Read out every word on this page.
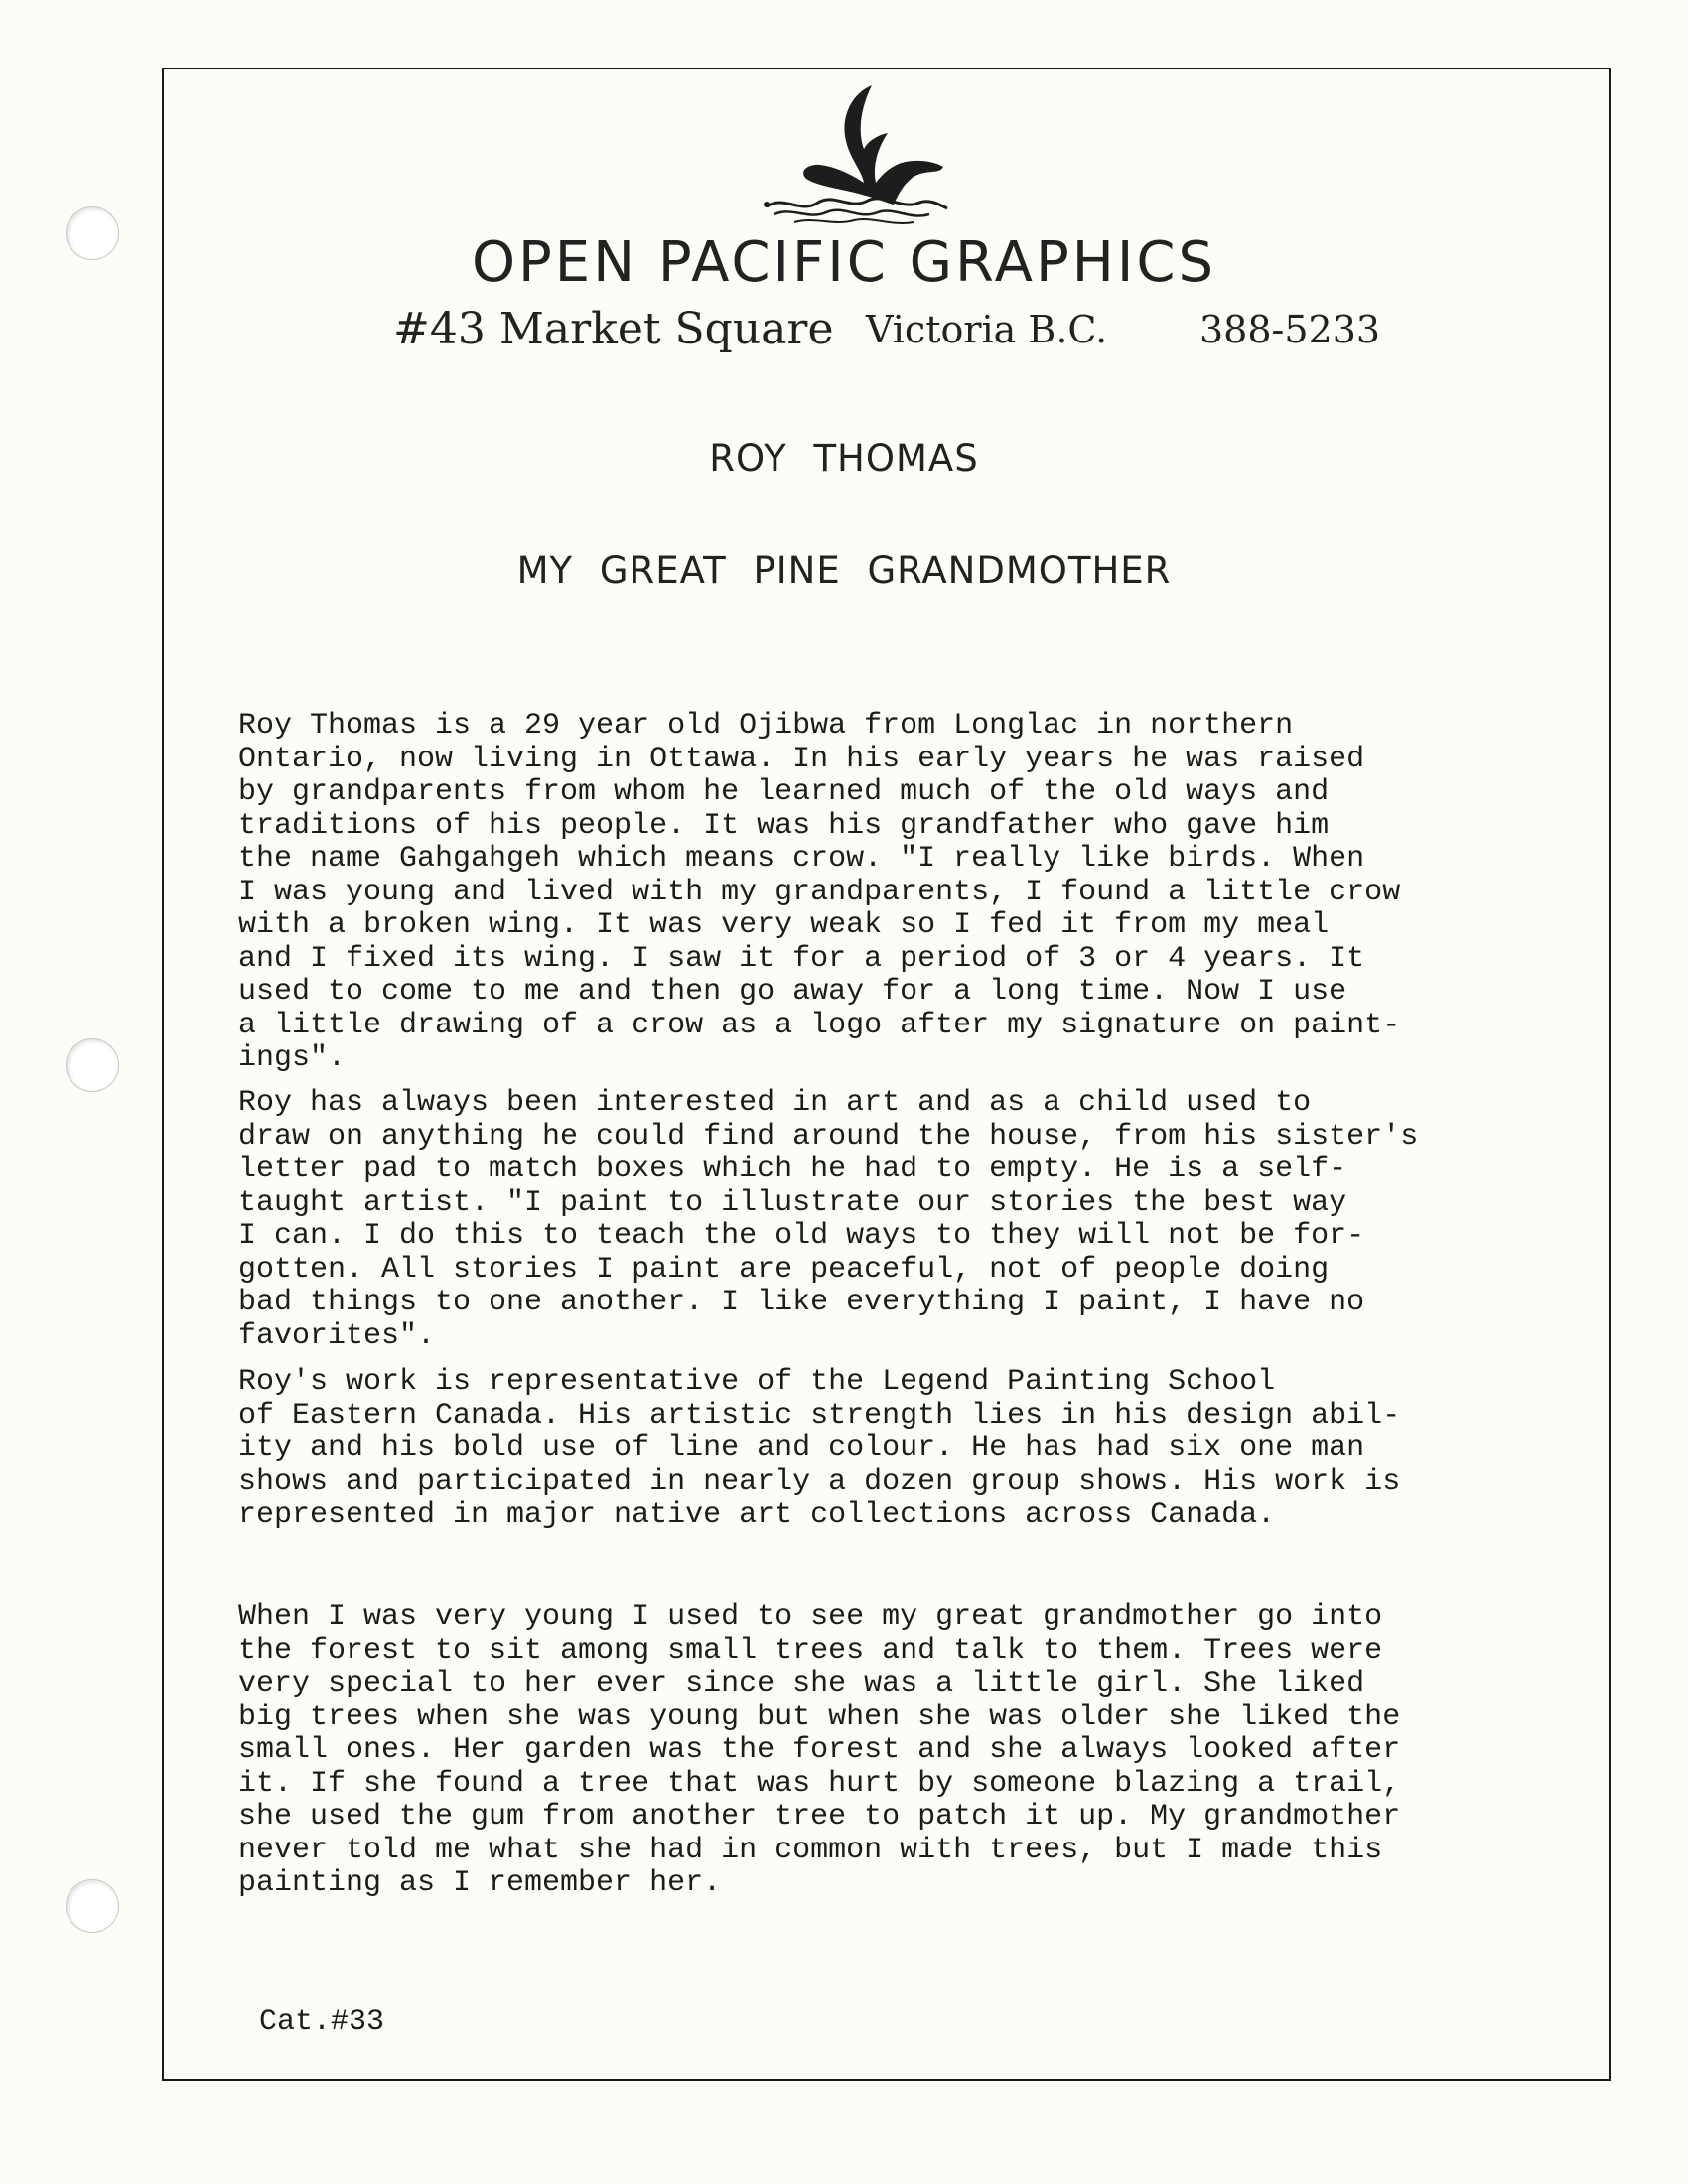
OPEN PACIFIC GRAPHICS
#43 Market Square Victoria B.C. 388-5233
ROY THOMAS
MY GREAT PINE GRANDMOTHER

Roy Thomas is a 29 year old Ojibwa from Longlac in northern
Ontario, now living in Ottawa. In his early years he was raised
by grandparents from whom he learned much of the old ways and
traditions of his people. It was his grandfather who gave him
the name Gahgahgeh which means crow. "I really like birds. When
I was young and lived with my grandparents, I found a little crow
with a broken wing. It was very weak so I fed it from my meal
and I fixed its wing. I saw it for a period of 3 or 4 years. It
used to come to me and then go away for a long time. Now I use
a little drawing of a crow as a logo after my signature on paint-
ings".

Roy has always been interested in art and as a child used to
draw on anything he could find around the house, from his sister's
letter pad to match boxes which he had to empty. He is a self-
taught artist. "I paint to illustrate our stories the best way
I can. I do this to teach the old ways to they will not be for-
gotten. All stories I paint are peaceful, not of people doing
bad things to one another. I like everything I paint, I have no
favorites".

Roy's work is representative of the Legend Painting School
of Eastern Canada. His artistic strength lies in his design abil-
ity and his bold use of line and colour. He has had six one man
shows and participated in nearly a dozen group shows. His work is
represented in major native art collections across Canada.

When I was very young I used to see my great grandmother go into
the forest to sit among small trees and talk to them. Trees were
very special to her ever since she was a little girl. She liked
big trees when she was young but when she was older she liked the
small ones. Her garden was the forest and she always looked after
it. If she found a tree that was hurt by someone blazing a trail,
she used the gum from another tree to patch it up. My grandmother
never told me what she had in common with trees, but I made this
painting as I remember her.

Cat.#33
